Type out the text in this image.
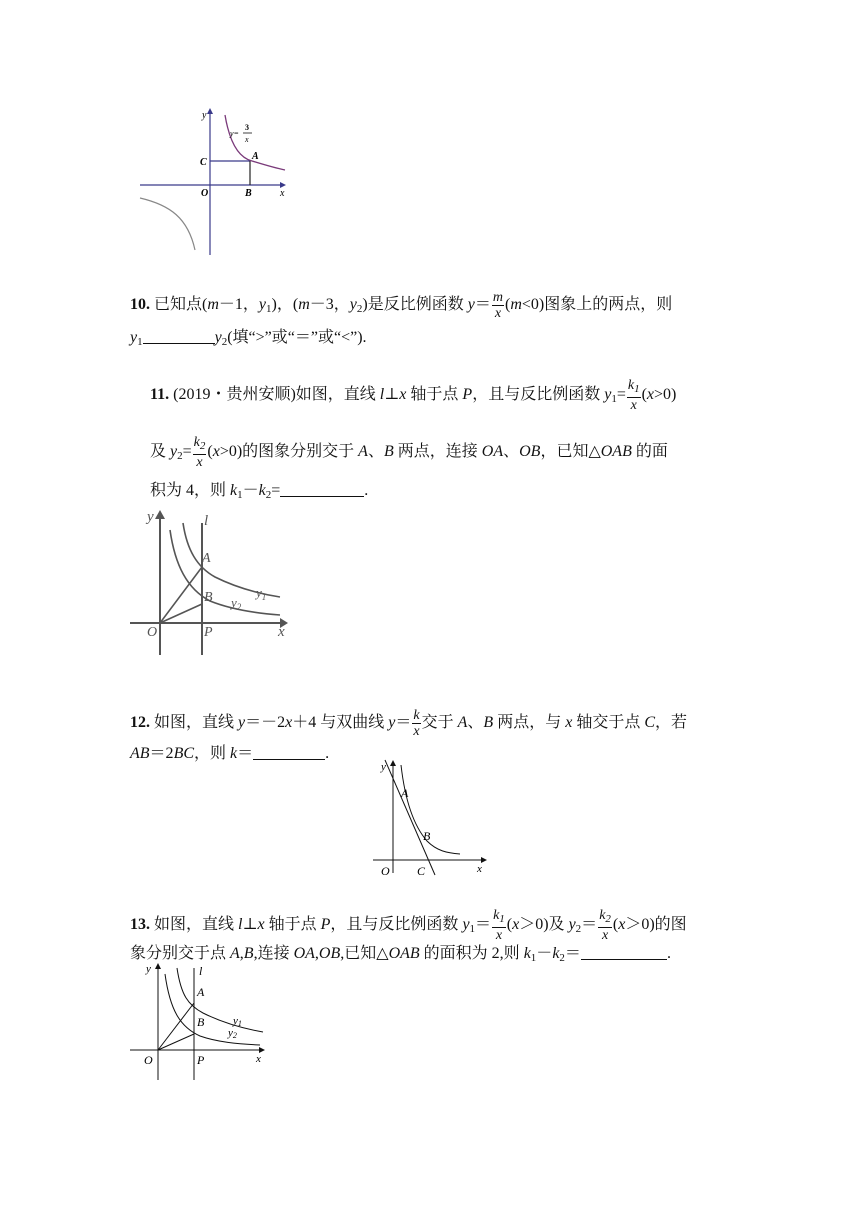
y
y=
3
x
C
A
O	B	x
10. 已知点(m－1，$y_1$)，(m－3，$y_2$)是反比例函数 $y= \frac{m}{x} (m<0)$图象上的两点，则
$y_1$	$y_2$(填“>”或“＝”或“<”).
11. (2019・贵州安顺)如图，直线 l⊥x 轴于点 P，且与反比例函数 $y_1= \frac{k_1}{x} (x>0)$
及 $y_2= \frac{k_2}{x} (x>0)$的图象分别交于 A、B 两点，连接 OA、OB，已知△OAB 的面
积为 4，则 $k_1-k_2=$	.
y	l
A
B	$y_1$
$y_2$
O	P	x
12. 如图，直线 y＝－2x＋4 与双曲线 $y= \frac{k}{x}$ 交于 A、B 两点，与 x 轴交于点 C，若
AB＝2BC，则 k＝	.
y
A
B
O C	x
13. 如图，直线 l⊥x 轴于点 P，且与反比例函数 $y_1= \frac{k_1}{x} (x>0)$及 $y_2= \frac{k_2}{x} (x>0)$的图
象分别交于点 A,B,连接 OA,OB,已知△OAB 的面积为 2,则 $k_1-k_2=$	.
y	l
A
B	y1
y2
O	P	x
